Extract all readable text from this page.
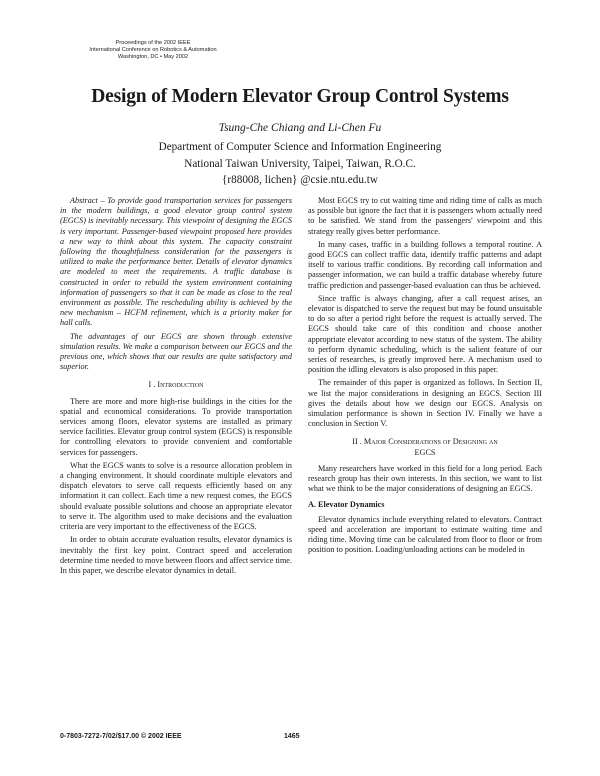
Proceedings of the 2002 IEEE
International Conference on Robotics & Automation
Washington, DC • May 2002
Design of Modern Elevator Group Control Systems
Tsung-Che Chiang and Li-Chen Fu
Department of Computer Science and Information Engineering
National Taiwan University, Taipei, Taiwan, R.O.C.
{r88008, lichen} @csie.ntu.edu.tw

Abstract – To provide good transportation services for passengers in the modern buildings, a good elevator group control system (EGCS) is inevitably necessary. This viewpoint of designing the EGCS is very important. Passenger-based viewpoint proposed here provides a new way to think about this system. The capacity constraint following the thoughtfulness consideration for the passengers is utilized to make the performance better. Details of elevator dynamics are modeled to meet the requirements. A traffic database is constructed in order to rebuild the system environment containing information of passengers so that it can be made as close to the real environment as possible. The rescheduling ability is achieved by the new mechanism – HCFM refinement, which is a priority maker for hall calls.

The advantages of our EGCS are shown through extensive simulation results. We make a comparison between our EGCS and the previous one, which shows that our results are quite satisfactory and superior.

I . Introduction

There are more and more high-rise buildings in the cities for the spatial and economical considerations. To provide transportation services among floors, elevator systems are installed as primary service facilities. Elevator group control system (EGCS) is responsible for controlling elevators to provide convenient and comfortable services for passengers.

What the EGCS wants to solve is a resource allocation problem in a changing environment. It should coordinate multiple elevators and dispatch elevators to serve call requests efficiently based on any information it can collect. Each time a new request comes, the EGCS should evaluate possible solutions and choose an appropriate elevator to serve it. The algorithm used to make decisions and the evaluation criteria are very important to the effectiveness of the EGCS.

In order to obtain accurate evaluation results, elevator dynamics is inevitably the first key point. Contract speed and acceleration determine time needed to move between floors and affect service time. In this paper, we describe elevator dynamics in detail.

Most EGCS try to cut waiting time and riding time of calls as much as possible but ignore the fact that it is passengers whom actually need to be satisfied. We stand from the passengers' viewpoint and this strategy really gives better performance.

In many cases, traffic in a building follows a temporal routine. A good EGCS can collect traffic data, identify traffic patterns and adapt itself to various traffic conditions. By recording call information and passenger information, we can build a traffic database whereby future traffic prediction and passenger-based evaluation can thus be achieved.

Since traffic is always changing, after a call request arises, an elevator is dispatched to serve the request but may be found unsuitable to do so after a period right before the request is actually served. The EGCS should take care of this condition and choose another appropriate elevator according to new status of the system. The ability to perform dynamic scheduling, which is the salient feature of our series of researches, is greatly improved here. A mechanism used to position the idling elevators is also proposed in this paper.

The remainder of this paper is organized as follows. In Section II, we list the major considerations in designing an EGCS. Section III gives the details about how we design our EGCS. Analysis on simulation performance is shown in Section IV. Finally we have a conclusion in Section V.

II . Major Considerations of Designing an
EGCS

Many researchers have worked in this field for a long period. Each research group has their own interests. In this section, we want to list what we think to be the major considerations of designing an EGCS.

A. Elevator Dynamics

Elevator dynamics include everything related to elevators. Contract speed and acceleration are important to estimate waiting time and riding time. Moving time can be calculated from floor to floor or from position to position. Loading/unloading actions can be modeled in

0-7803-7272-7/02/$17.00 © 2002 IEEE	1465
